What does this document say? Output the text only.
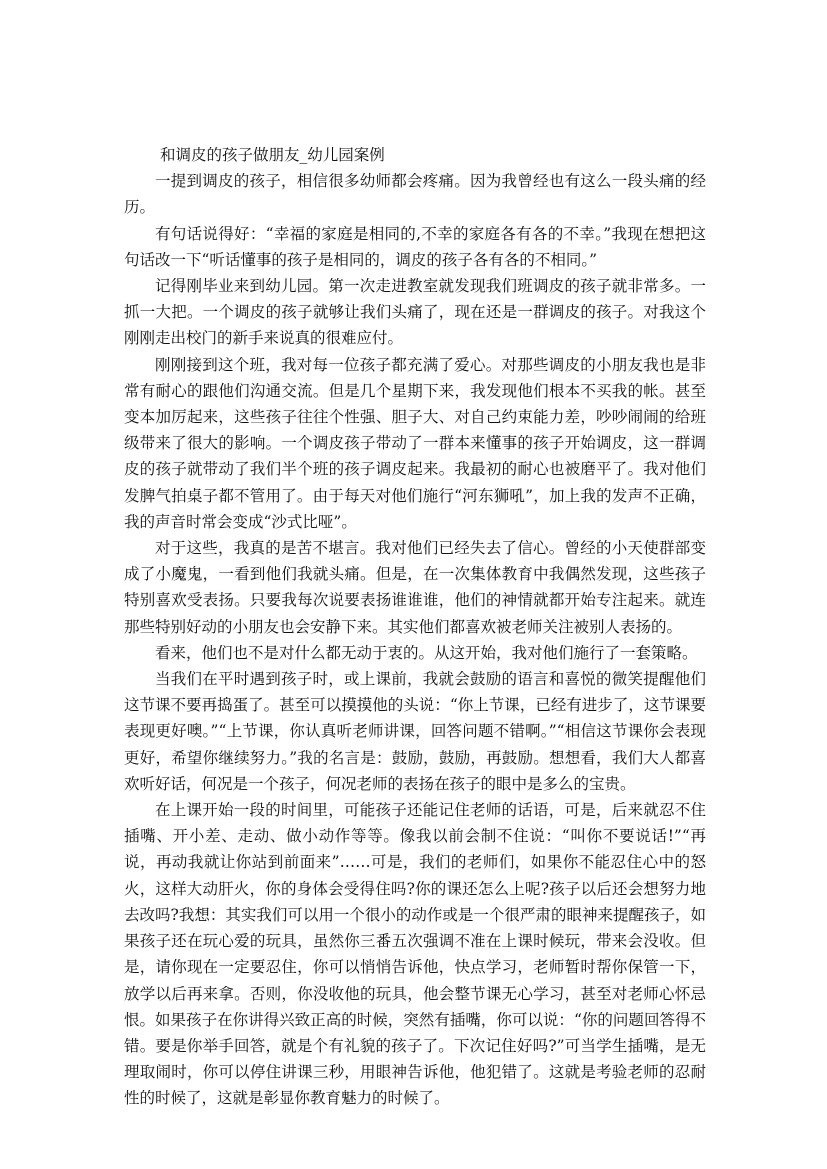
和调皮的孩子做朋友_幼儿园案例

一提到调皮的孩子，相信很多幼师都会疼痛。因为我曾经也有这么一段头痛的经历。

有句话说得好：“幸福的家庭是相同的,不幸的家庭各有各的不幸。”我现在想把这句话改一下“听话懂事的孩子是相同的，调皮的孩子各有各的不相同。”

记得刚毕业来到幼儿园。第一次走进教室就发现我们班调皮的孩子就非常多。一抓一大把。一个调皮的孩子就够让我们头痛了，现在还是一群调皮的孩子。对我这个刚刚走出校门的新手来说真的很难应付。

刚刚接到这个班，我对每一位孩子都充满了爱心。对那些调皮的小朋友我也是非常有耐心的跟他们沟通交流。但是几个星期下来，我发现他们根本不买我的帐。甚至变本加厉起来，这些孩子往往个性强、胆子大、对自己约束能力差，吵吵闹闹的给班级带来了很大的影响。一个调皮孩子带动了一群本来懂事的孩子开始调皮，这一群调皮的孩子就带动了我们半个班的孩子调皮起来。我最初的耐心也被磨平了。我对他们发脾气拍桌子都不管用了。由于每天对他们施行“河东狮吼”，加上我的发声不正确，我的声音时常会变成“沙式比哑”。

对于这些，我真的是苦不堪言。我对他们已经失去了信心。曾经的小天使群部变成了小魔鬼，一看到他们我就头痛。但是，在一次集体教育中我偶然发现，这些孩子特别喜欢受表扬。只要我每次说要表扬谁谁谁，他们的神情就都开始专注起来。就连那些特别好动的小朋友也会安静下来。其实他们都喜欢被老师关注被别人表扬的。

看来，他们也不是对什么都无动于衷的。从这开始，我对他们施行了一套策略。

当我们在平时遇到孩子时，或上课前，我就会鼓励的语言和喜悦的微笑提醒他们这节课不要再捣蛋了。甚至可以摸摸他的头说：“你上节课，已经有进步了，这节课要表现更好噢。”“上节课，你认真听老师讲课，回答问题不错啊。”“相信这节课你会表现更好，希望你继续努力。”我的名言是：鼓励，鼓励，再鼓励。想想看，我们大人都喜欢听好话，何况是一个孩子，何况老师的表扬在孩子的眼中是多么的宝贵。

在上课开始一段的时间里，可能孩子还能记住老师的话语，可是，后来就忍不住插嘴、开小差、走动、做小动作等等。像我以前会制不住说：“叫你不要说话!”“再说，再动我就让你站到前面来”……可是，我们的老师们，如果你不能忍住心中的怒火，这样大动肝火，你的身体会受得住吗?你的课还怎么上呢?孩子以后还会想努力地去改吗?我想：其实我们可以用一个很小的动作或是一个很严肃的眼神来提醒孩子，如果孩子还在玩心爱的玩具，虽然你三番五次强调不准在上课时候玩，带来会没收。但是，请你现在一定要忍住，你可以悄悄告诉他，快点学习，老师暂时帮你保管一下，放学以后再来拿。否则，你没收他的玩具，他会整节课无心学习，甚至对老师心怀忌恨。如果孩子在你讲得兴致正高的时候，突然有插嘴，你可以说：“你的问题回答得不错。要是你举手回答，就是个有礼貌的孩子了。下次记住好吗?”可当学生插嘴，是无理取闹时，你可以停住讲课三秒，用眼神告诉他，他犯错了。这就是考验老师的忍耐性的时候了，这就是彰显你教育魅力的时候了。
